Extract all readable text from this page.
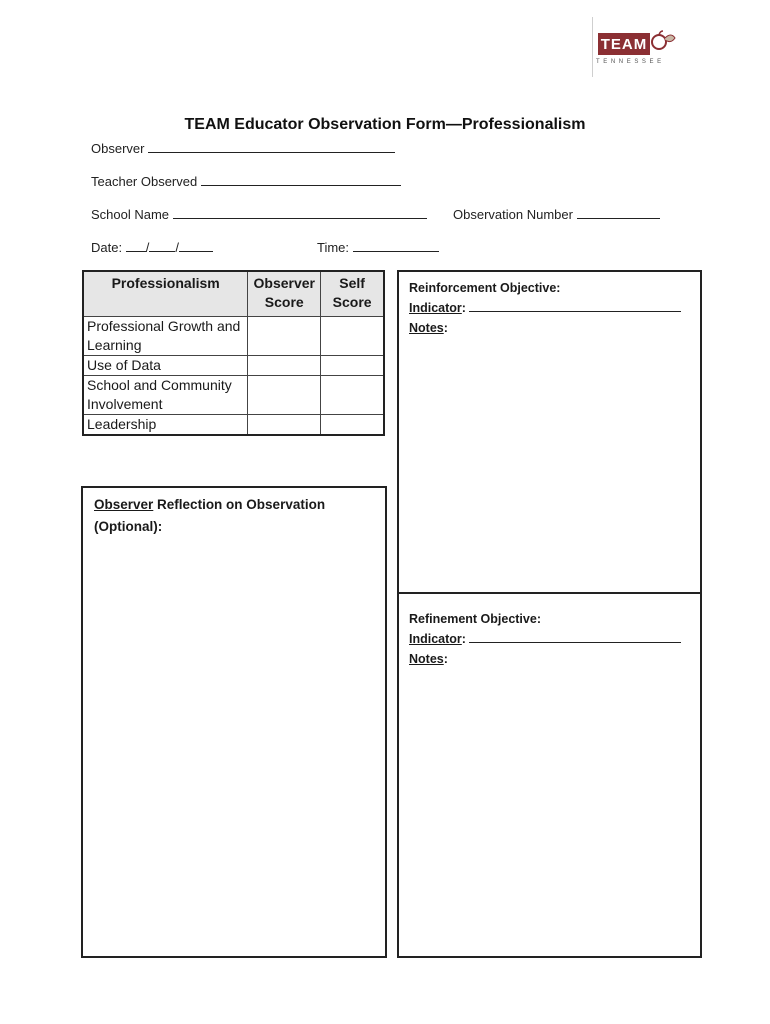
TEAM
TENNESSEE
TEAM Educator Observation Form—Professionalism
Observer
Teacher Observed
School Name	Observation Number
Date: / /	Time:
Professionalism	Observer Score	Self Score
Professional Growth and Learning		
Use of Data		
School and Community Involvement		
Leadership		
Observer Reflection on Observation
(Optional):
Reinforcement Objective:
Indicator:
Notes:
Refinement Objective:
Indicator:
Notes:
